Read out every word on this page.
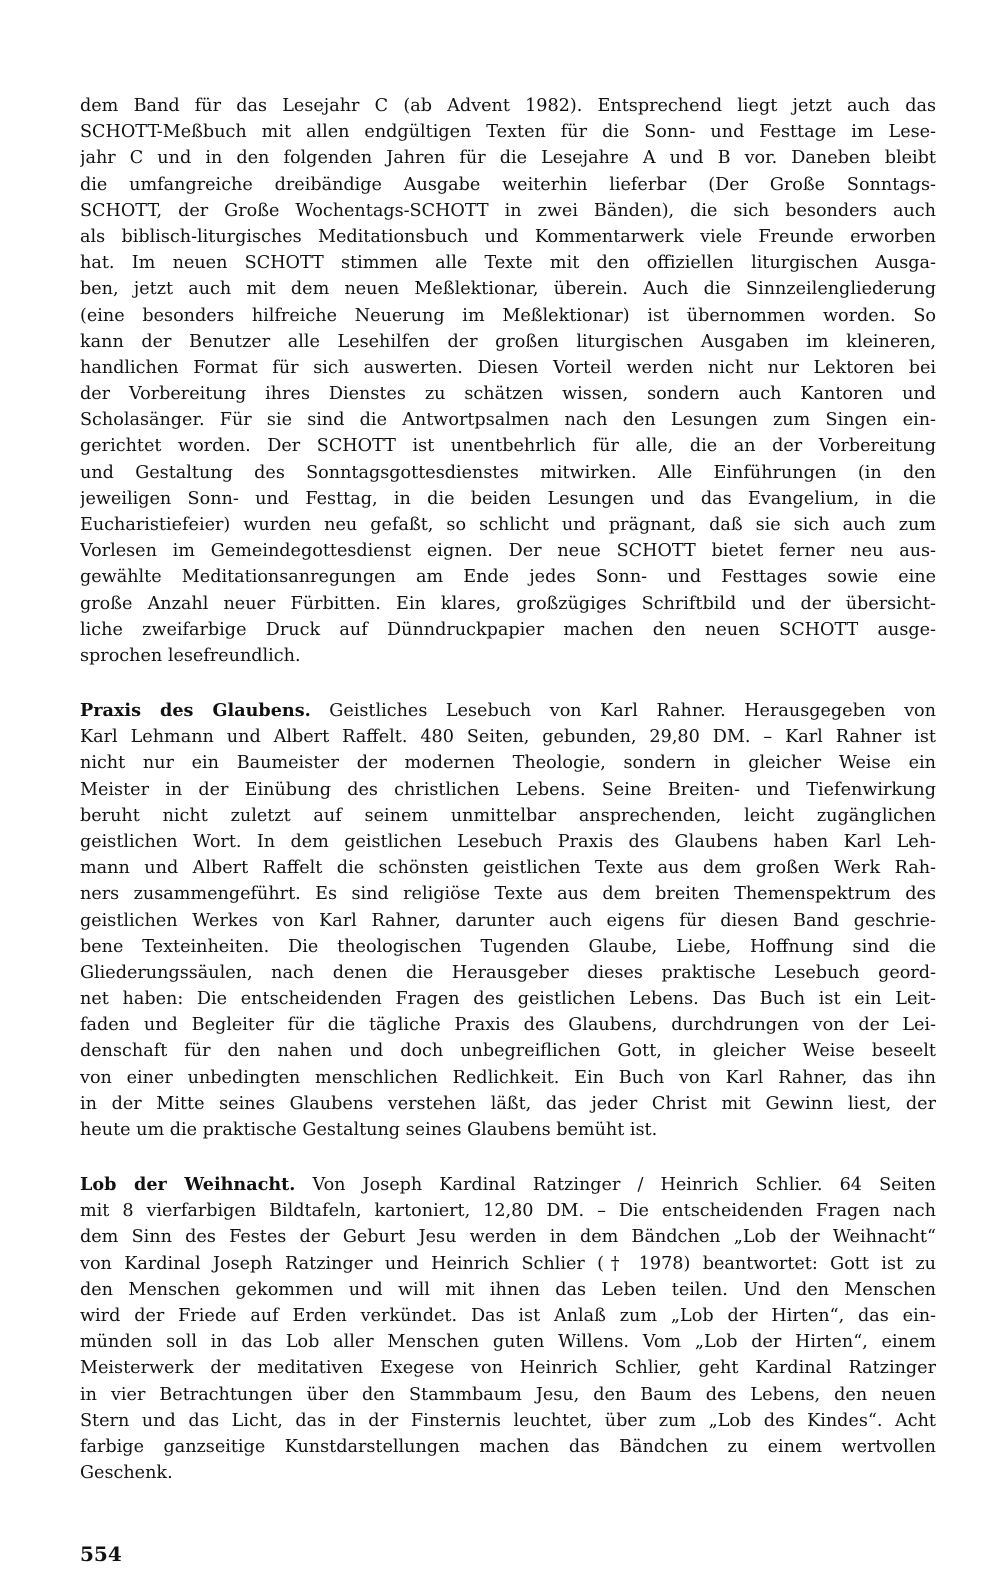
dem Band für das Lesejahr C (ab Advent 1982). Entsprechend liegt jetzt auch das
SCHOTT-Meßbuch mit allen endgültigen Texten für die Sonn- und Festtage im Lese-
jahr C und in den folgenden Jahren für die Lesejahre A und B vor. Daneben bleibt
die umfangreiche dreibändige Ausgabe weiterhin lieferbar (Der Große Sonntags-
SCHOTT, der Große Wochentags-SCHOTT in zwei Bänden), die sich besonders auch
als biblisch-liturgisches Meditationsbuch und Kommentarwerk viele Freunde erworben
hat. Im neuen SCHOTT stimmen alle Texte mit den offiziellen liturgischen Ausga-
ben, jetzt auch mit dem neuen Meßlektionar, überein. Auch die Sinnzeilengliederung
(eine besonders hilfreiche Neuerung im Meßlektionar) ist übernommen worden. So
kann der Benutzer alle Lesehilfen der großen liturgischen Ausgaben im kleineren,
handlichen Format für sich auswerten. Diesen Vorteil werden nicht nur Lektoren bei
der Vorbereitung ihres Dienstes zu schätzen wissen, sondern auch Kantoren und
Scholasänger. Für sie sind die Antwortpsalmen nach den Lesungen zum Singen ein-
gerichtet worden. Der SCHOTT ist unentbehrlich für alle, die an der Vorbereitung
und Gestaltung des Sonntagsgottesdienstes mitwirken. Alle Einführungen (in den
jeweiligen Sonn- und Festtag, in die beiden Lesungen und das Evangelium, in die
Eucharistiefeier) wurden neu gefaßt, so schlicht und prägnant, daß sie sich auch zum
Vorlesen im Gemeindegottesdienst eignen. Der neue SCHOTT bietet ferner neu aus-
gewählte Meditationsanregungen am Ende jedes Sonn- und Festtages sowie eine
große Anzahl neuer Fürbitten. Ein klares, großzügiges Schriftbild und der übersicht-
liche zweifarbige Druck auf Dünndruckpapier machen den neuen SCHOTT ausge-
sprochen lesefreundlich.
Praxis des Glaubens. Geistliches Lesebuch von Karl Rahner. Herausgegeben von
Karl Lehmann und Albert Raffelt. 480 Seiten, gebunden, 29,80 DM. – Karl Rahner ist
nicht nur ein Baumeister der modernen Theologie, sondern in gleicher Weise ein
Meister in der Einübung des christlichen Lebens. Seine Breiten- und Tiefenwirkung
beruht nicht zuletzt auf seinem unmittelbar ansprechenden, leicht zugänglichen
geistlichen Wort. In dem geistlichen Lesebuch Praxis des Glaubens haben Karl Leh-
mann und Albert Raffelt die schönsten geistlichen Texte aus dem großen Werk Rah-
ners zusammengeführt. Es sind religiöse Texte aus dem breiten Themenspektrum des
geistlichen Werkes von Karl Rahner, darunter auch eigens für diesen Band geschrie-
bene Texteinheiten. Die theologischen Tugenden Glaube, Liebe, Hoffnung sind die
Gliederungssäulen, nach denen die Herausgeber dieses praktische Lesebuch geord-
net haben: Die entscheidenden Fragen des geistlichen Lebens. Das Buch ist ein Leit-
faden und Begleiter für die tägliche Praxis des Glaubens, durchdrungen von der Lei-
denschaft für den nahen und doch unbegreiflichen Gott, in gleicher Weise beseelt
von einer unbedingten menschlichen Redlichkeit. Ein Buch von Karl Rahner, das ihn
in der Mitte seines Glaubens verstehen läßt, das jeder Christ mit Gewinn liest, der
heute um die praktische Gestaltung seines Glaubens bemüht ist.
Lob der Weihnacht. Von Joseph Kardinal Ratzinger / Heinrich Schlier. 64 Seiten
mit 8 vierfarbigen Bildtafeln, kartoniert, 12,80 DM. – Die entscheidenden Fragen nach
dem Sinn des Festes der Geburt Jesu werden in dem Bändchen „Lob der Weihnacht“
von Kardinal Joseph Ratzinger und Heinrich Schlier († 1978) beantwortet: Gott ist zu
den Menschen gekommen und will mit ihnen das Leben teilen. Und den Menschen
wird der Friede auf Erden verkündet. Das ist Anlaß zum „Lob der Hirten“, das ein-
münden soll in das Lob aller Menschen guten Willens. Vom „Lob der Hirten“, einem
Meisterwerk der meditativen Exegese von Heinrich Schlier, geht Kardinal Ratzinger
in vier Betrachtungen über den Stammbaum Jesu, den Baum des Lebens, den neuen
Stern und das Licht, das in der Finsternis leuchtet, über zum „Lob des Kindes“. Acht
farbige ganzseitige Kunstdarstellungen machen das Bändchen zu einem wertvollen
Geschenk.
554
